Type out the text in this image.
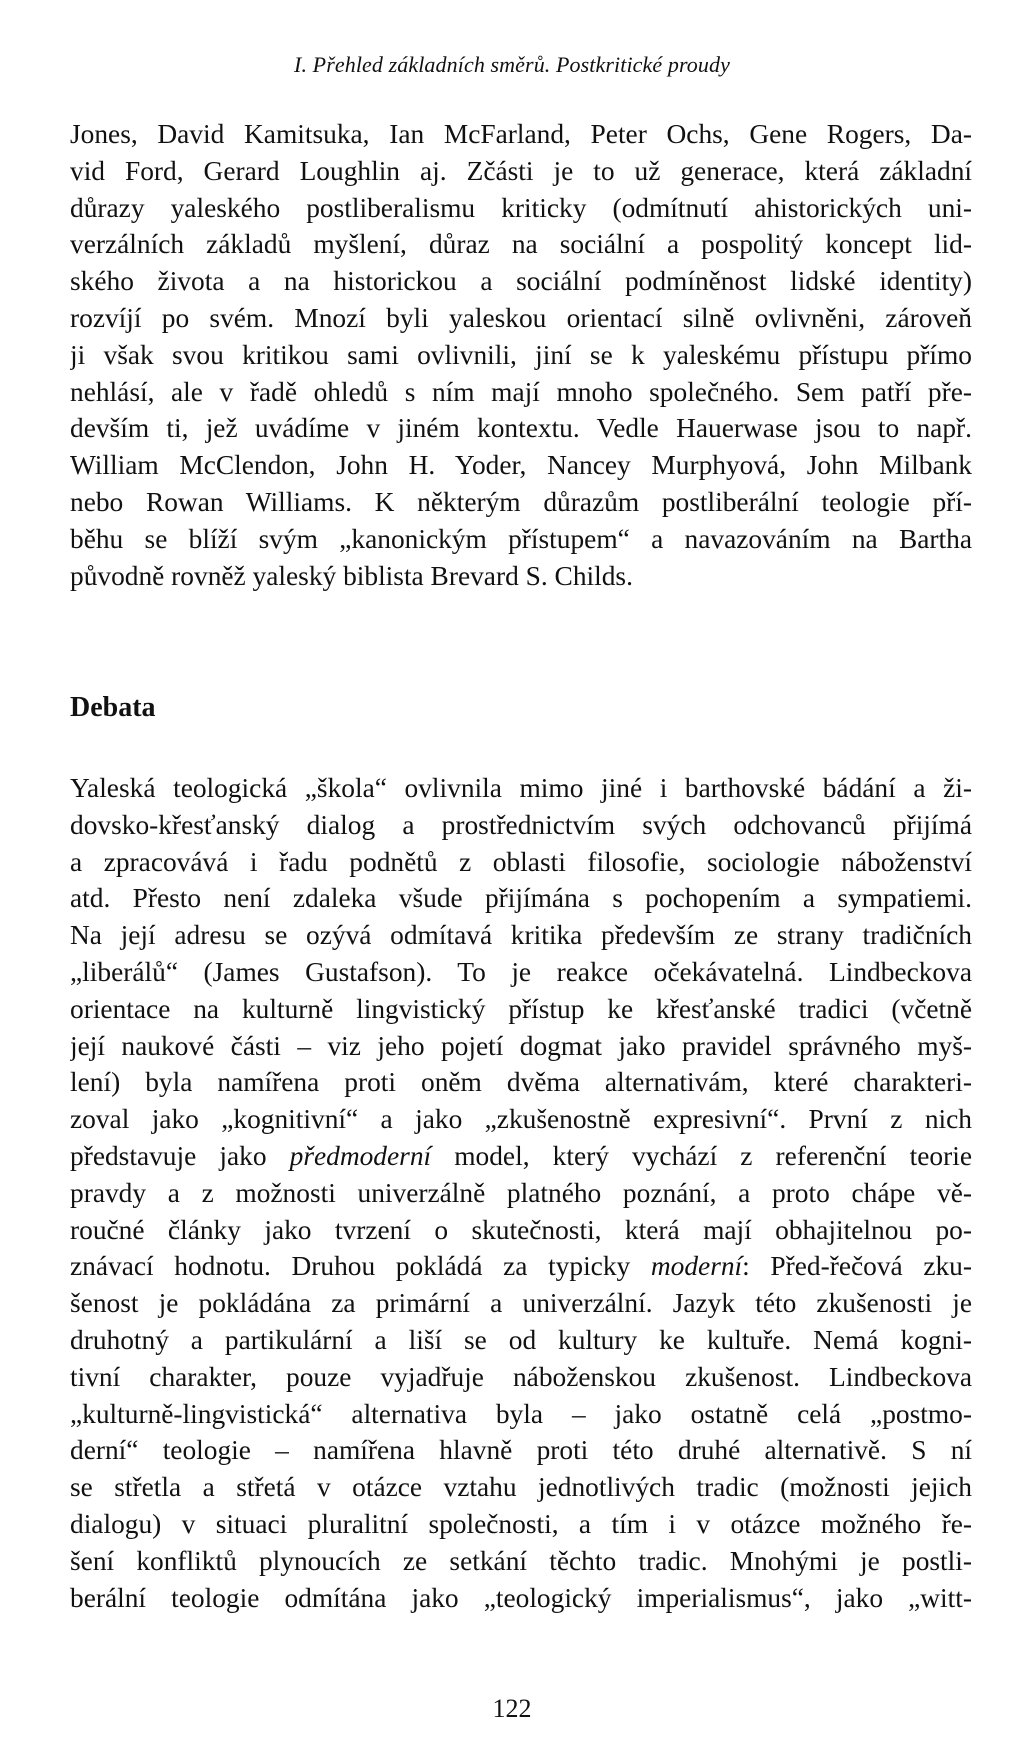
I. Přehled základních směrů. Postkritické proudy
Jones, David Kamitsuka, Ian McFarland, Peter Ochs, Gene Rogers, Da-
vid Ford, Gerard Loughlin aj. Zčásti je to už generace, která základní
důrazy yaleského postliberalismu kriticky (odmítnutí ahistorických uni-
verzálních základů myšlení, důraz na sociální a pospolitý koncept lid-
ského života a na historickou a sociální podmíněnost lidské identity)
rozvíjí po svém. Mnozí byli yaleskou orientací silně ovlivněni, zároveň
ji však svou kritikou sami ovlivnili, jiní se k yaleskému přístupu přímo
nehlásí, ale v řadě ohledů s ním mají mnoho společného. Sem patří pře-
devším ti, jež uvádíme v jiném kontextu. Vedle Hauerwase jsou to např.
William McClendon, John H. Yoder, Nancey Murphyová, John Milbank
nebo Rowan Williams. K některým důrazům postliberální teologie pří-
běhu se blíží svým „kanonickým přístupem“ a navazováním na Bartha
původně rovněž yaleský biblista Brevard S. Childs.
Debata
Yaleská teologická „škola“ ovlivnila mimo jiné i barthovské bádání a ži-
dovsko-křesťanský dialog a prostřednictvím svých odchovanců přijímá
a zpracovává i řadu podnětů z oblasti filosofie, sociologie náboženství
atd. Přesto není zdaleka všude přijímána s pochopením a sympatiemi.
Na její adresu se ozývá odmítavá kritika především ze strany tradičních
„liberálů“ (James Gustafson). To je reakce očekávatelná. Lindbeckova
orientace na kulturně lingvistický přístup ke křesťanské tradici (včetně
její naukové části – viz jeho pojetí dogmat jako pravidel správného myš-
lení) byla namířena proti oněm dvěma alternativám, které charakteri-
zoval jako „kognitivní“ a jako „zkušenostně expresivní“. První z nich
představuje jako předmoderní model, který vychází z referenční teorie
pravdy a z možnosti univerzálně platného poznání, a proto chápe vě-
roučné články jako tvrzení o skutečnosti, která mají obhajitelnou po-
znávací hodnotu. Druhou pokládá za typicky moderní: Před-řečová zku-
šenost je pokládána za primární a univerzální. Jazyk této zkušenosti je
druhotný a partikulární a liší se od kultury ke kultuře. Nemá kogni-
tivní charakter, pouze vyjadřuje náboženskou zkušenost. Lindbeckova
„kulturně-lingvistická“ alternativa byla – jako ostatně celá „postmo-
derní“ teologie – namířena hlavně proti této druhé alternativě. S ní
se střetla a střetá v otázce vztahu jednotlivých tradic (možnosti jejich
dialogu) v situaci pluralitní společnosti, a tím i v otázce možného ře-
šení konfliktů plynoucích ze setkání těchto tradic. Mnohými je postli-
berální teologie odmítána jako „teologický imperialismus“, jako „witt-
122
